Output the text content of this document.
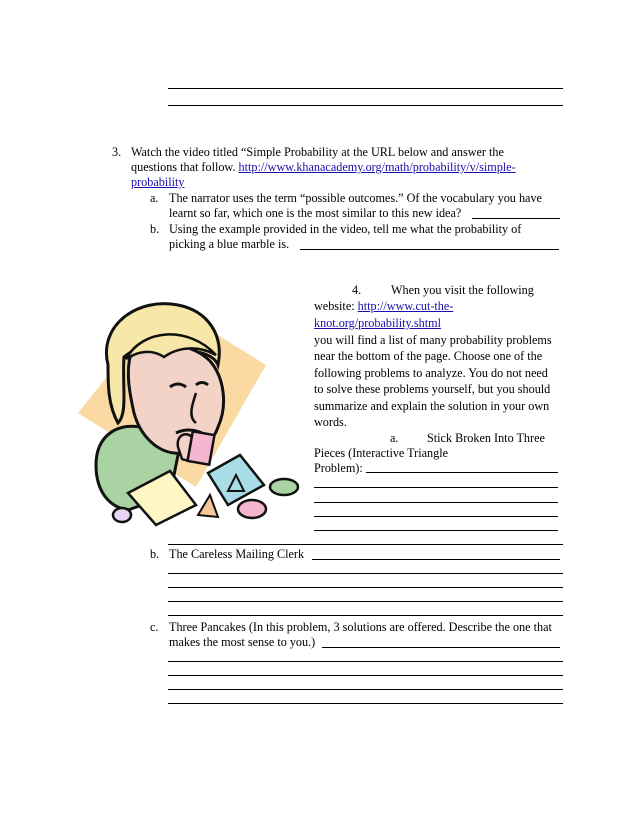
3. Watch the video titled “Simple Probability at the URL below and answer the
questions that follow. http://www.khanacademy.org/math/probability/v/simple-
probability
a. The narrator uses the term “possible outcomes.” Of the vocabulary you have
learnt so far, which one is the most similar to this new idea?
b. Using the example provided in the video, tell me what the probability of
picking a blue marble is.
4. When you visit the following
website: http://www.cut-the-
knot.org/probability.shtml
you will find a list of many probability problems
near the bottom of the page. Choose one of the
following problems to analyze. You do not need
to solve these problems yourself, but you should
summarize and explain the solution in your own
words.
a. Stick Broken Into Three
Pieces (Interactive Triangle
Problem):
b. The Careless Mailing Clerk
c. Three Pancakes (In this problem, 3 solutions are offered. Describe the one that
makes the most sense to you.)
